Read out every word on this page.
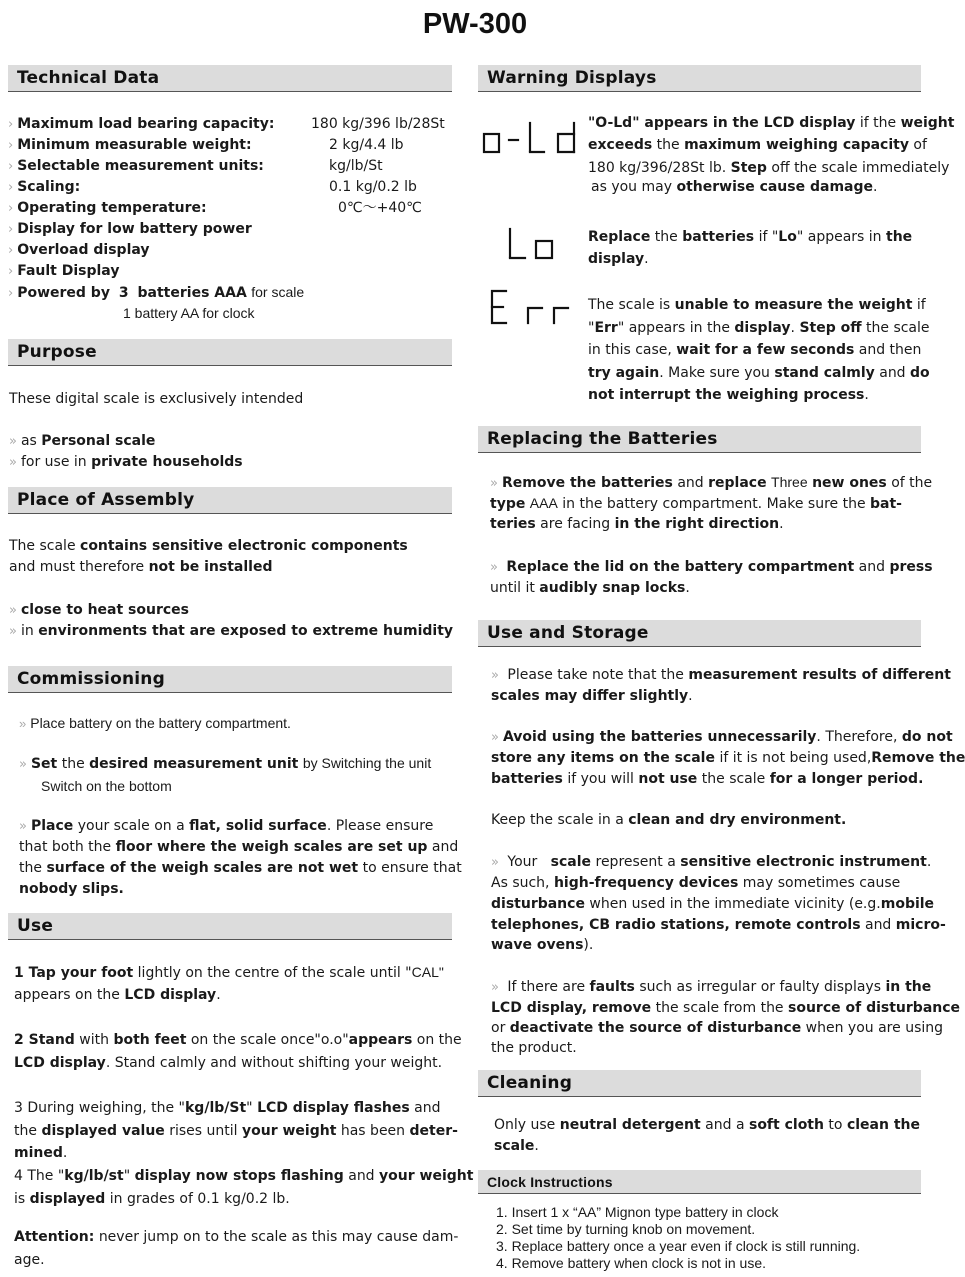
PW-300
Technical Data
› Maximum load bearing capacity:	180 kg/396 lb/28St
› Minimum measurable weight:	2 kg/4.4 lb
› Selectable measurement units:	kg/lb/St
› Scaling:	0.1 kg/0.2 lb
› Operating temperature:	0℃～+40℃
› Display for low battery power
› Overload display
› Fault Display
› Powered by 3 batteries AAA for scale
1 battery AA for clock
Purpose
These digital scale is exclusively intended
» as Personal scale
» for use in private households
Place of Assembly
The scale contains sensitive electronic components
and must therefore not be installed
» close to heat sources
» in environments that are exposed to extreme humidity
Commissioning
» Place battery on the battery compartment.
» Set the desired measurement unit by Switching the unit
Switch on the bottom
» Place your scale on a flat, solid surface. Please ensure
that both the floor where the weigh scales are set up and
the surface of the weigh scales are not wet to ensure that
nobody slips.
Use
1 Tap your foot lightly on the centre of the scale until "CAL"
appears on the LCD display.
2 Stand with both feet on the scale once"o.o"appears on the
LCD display. Stand calmly and without shifting your weight.
3 During weighing, the "kg/lb/St" LCD display flashes and
the displayed value rises until your weight has been deter-
mined.
4 The "kg/lb/st" display now stops flashing and your weight
is displayed in grades of 0.1 kg/0.2 lb.
Attention: never jump on to the scale as this may cause dam-
age.
Warning Displays
"O-Ld" appears in the LCD display if the weight
exceeds the maximum weighing capacity of
180 kg/396/28St lb. Step off the scale immediately
as you may otherwise cause damage.
Replace the batteries if "Lo" appears in the
display.
The scale is unable to measure the weight if
"Err" appears in the display. Step off the scale
in this case, wait for a few seconds and then
try again. Make sure you stand calmly and do
not interrupt the weighing process.
Replacing the Batteries
» Remove the batteries and replace Three new ones of the
type AAA in the battery compartment. Make sure the bat-
teries are facing in the right direction.
» Replace the lid on the battery compartment and press
until it audibly snap locks.
Use and Storage
» Please take note that the measurement results of different
scales may differ slightly.
» Avoid using the batteries unnecessarily. Therefore, do not
store any items on the scale if it is not being used,Remove the
batteries if you will not use the scale for a longer period.
Keep the scale in a clean and dry environment.
» Your scale represent a sensitive electronic instrument.
As such, high-frequency devices may sometimes cause
disturbance when used in the immediate vicinity (e.g.mobile
telephones, CB radio stations, remote controls and micro-
wave ovens).
» If there are faults such as irregular or faulty displays in the
LCD display, remove the scale from the source of disturbance
or deactivate the source of disturbance when you are using
the product.
Cleaning
Only use neutral detergent and a soft cloth to clean the
scale.
Clock Instructions
1. Insert 1 x “AA” Mignon type battery in clock
2. Set time by turning knob on movement.
3. Replace battery once a year even if clock is still running.
4. Remove battery when clock is not in use.
